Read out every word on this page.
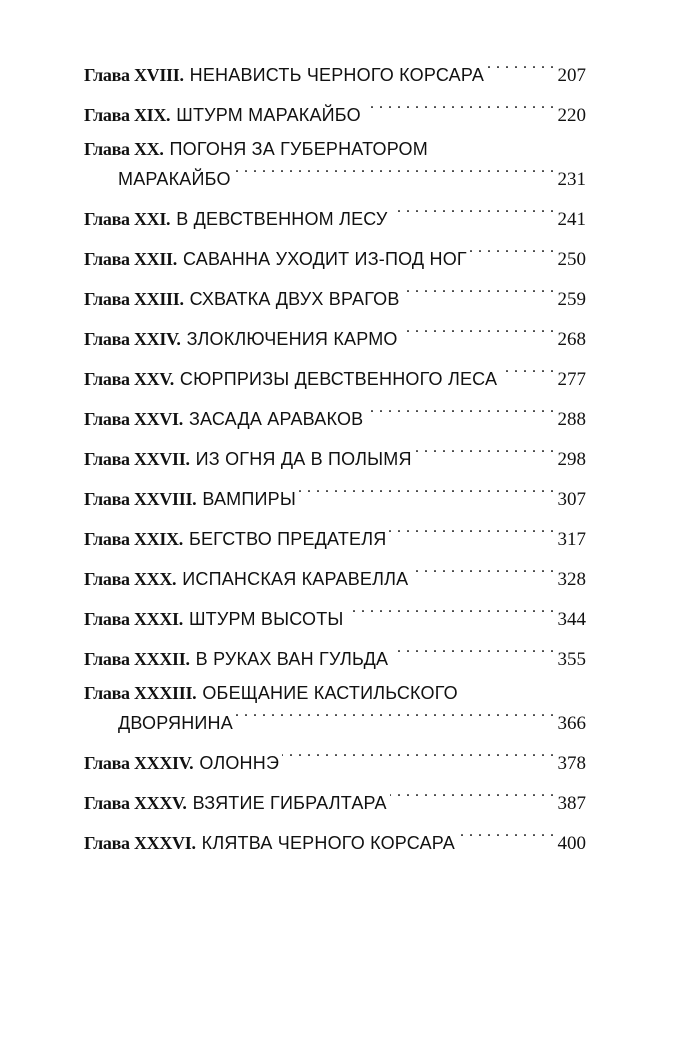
Глава XVIII. НЕНАВИСТЬ ЧЕРНОГО КОРСАРА . . .	207
Глава XIX. ШТУРМ МАРАКАЙБО . . .	220
Глава XX. ПОГОНЯ ЗА ГУБЕРНАТОРОМ
МАРАКАЙБО . . .	231
Глава XXI. В ДЕВСТВЕННОМ ЛЕСУ . . .	241
Глава XXII. САВАННА УХОДИТ ИЗ-ПОД НОГ . . .	250
Глава XXIII. СХВАТКА ДВУХ ВРАГОВ . . .	259
Глава XXIV. ЗЛОКЛЮЧЕНИЯ КАРМО . . .	268
Глава XXV. СЮРПРИЗЫ ДЕВСТВЕННОГО ЛЕСА . . .	277
Глава XXVI. ЗАСАДА АРАВАКОВ . . .	288
Глава XXVII. ИЗ ОГНЯ ДА В ПОЛЫМЯ . . .	298
Глава XXVIII. ВАМПИРЫ . . .	307
Глава XXIX. БЕГСТВО ПРЕДАТЕЛЯ . . .	317
Глава XXX. ИСПАНСКАЯ КАРАВЕЛЛА . . .	328
Глава XXXI. ШТУРМ ВЫСОТЫ . . .	344
Глава XXXII. В РУКАХ ВАН ГУЛЬДА . . .	355
Глава XXXIII. ОБЕЩАНИЕ КАСТИЛЬСКОГО
ДВОРЯНИНА . . .	366
Глава XXXIV. ОЛОННЭ . . .	378
Глава XXXV. ВЗЯТИЕ ГИБРАЛТАРА . . .	387
Глава XXXVI. КЛЯТВА ЧЕРНОГО КОРСАРА . . .	400
